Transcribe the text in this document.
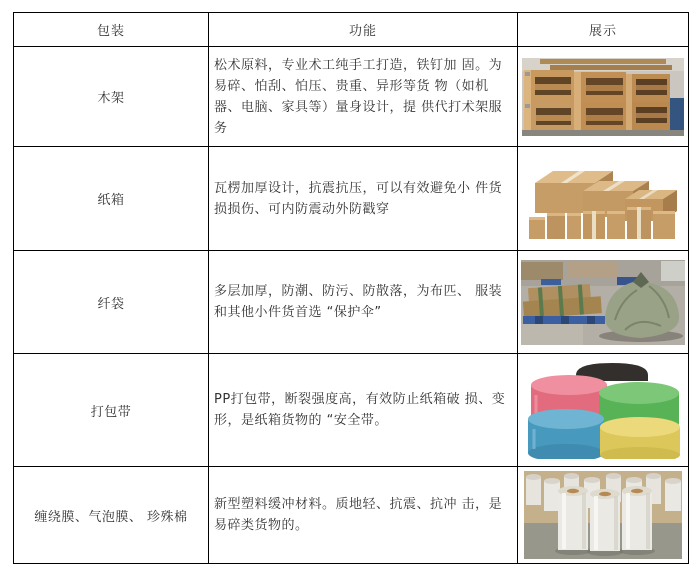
包装	功能	展示
木架	松术原料，专业术工纯手工打造，铁钉加 固。为易碎、怕刮、怕压、贵重、异形等货 物（如机器、电脑、家具等）量身设计，提 供代打术架服务	
纸箱	瓦楞加厚设计，抗震抗压，可以有效避免小 件货损损伤、可内防震动外防戳穿	
纤袋	多层加厚，防潮、防污、防散落，为布匹、 服装和其他小件货首选 “保护伞”	
打包带	PP打包带，断裂强度高，有效防止纸箱破 损、变形，是纸箱货物的 “安全带。	
缠绕膜、气泡膜、 珍殊棉	新型塑料缓冲材料。质地轻、抗震、抗冲 击，是易碎类货物的。	
